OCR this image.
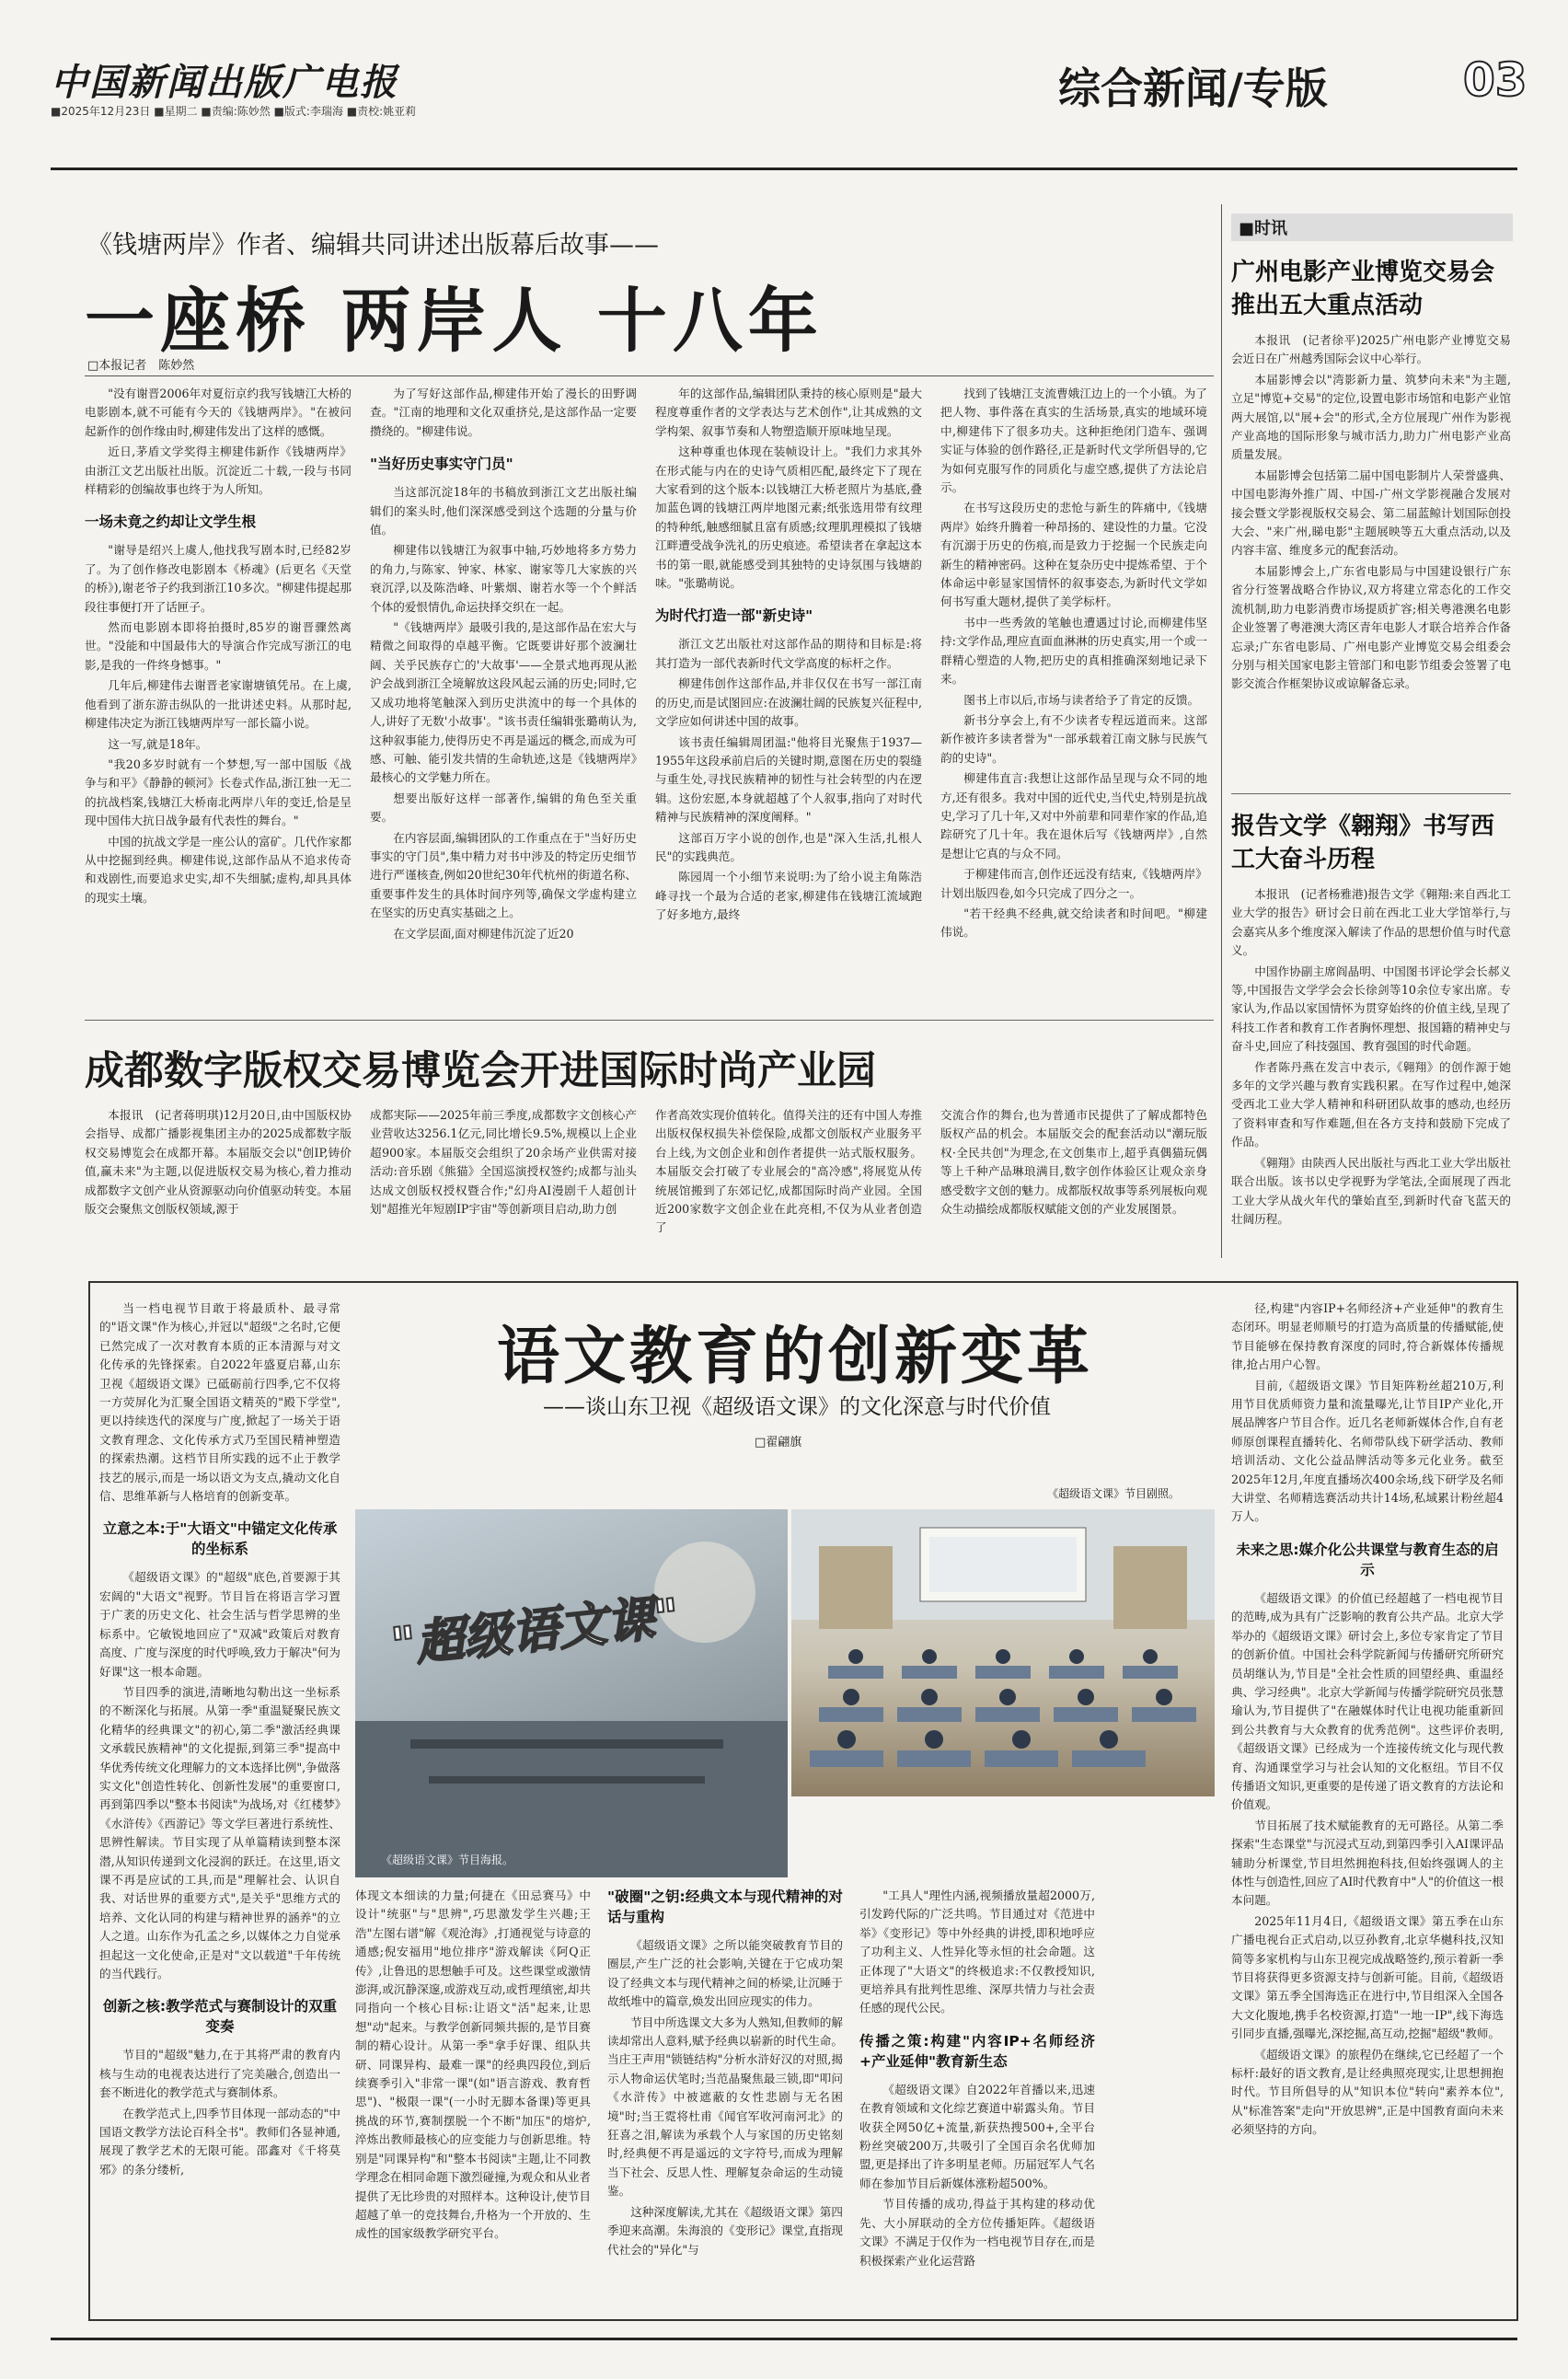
中国新闻出版广电报
■2025年12月23日 ■星期二 ■责编:陈妙然 ■版式:李瑞海 ■责校:姚亚莉	综合新闻/专版	03
《钱塘两岸》作者、编辑共同讲述出版幕后故事——
一座桥 两岸人 十八年
□本报记者　陈妙然

"没有谢晋2006年对夏衍京约我写钱塘江大桥的电影剧本,就不可能有今天的《钱塘两岸》。"在被问起新作的创作缘由时,柳建伟发出了这样的感慨。

近日,茅盾文学奖得主柳建伟新作《钱塘两岸》由浙江文艺出版社出版。沉淀近二十载,一段与书同样精彩的创编故事也终于为人所知。

一场未竟之约却让文学生根

"谢导是绍兴上虞人,他找我写剧本时,已经82岁了。为了创作修改电影剧本《桥魂》(后更名《天堂的桥》),谢老爷子约我到浙江10多次。"柳建伟提起那段往事便打开了话匣子。

然而电影剧本即将拍摄时,85岁的谢晋骤然离世。"没能和中国最伟大的导演合作完成写浙江的电影,是我的一件终身憾事。"

几年后,柳建伟去谢晋老家谢塘镇凭吊。在上虞,他看到了浙东游击纵队的一批讲述史料。从那时起,柳建伟决定为浙江钱塘两岸写一部长篇小说。

这一写,就是18年。

"我20多岁时就有一个梦想,写一部中国版《战争与和平》《静静的顿河》长卷式作品,浙江独一无二的抗战档案,钱塘江大桥南北两岸八年的变迁,恰是呈现中国伟大抗日战争最有代表性的舞台。"

中国的抗战文学是一座公认的富矿。几代作家都从中挖掘到经典。柳建伟说,这部作品从不追求传奇和戏剧性,而要追求史实,却不失细腻;虚构,却具具体的现实土壤。

为了写好这部作品,柳建伟开始了漫长的田野调查。"江南的地理和文化双重挤兑,是这部作品一定要攒绕的。"柳建伟说。

"当好历史事实守门员"

当这部沉淀18年的书稿放到浙江文艺出版社编辑们的案头时,他们深深感受到这个选题的分量与价值。

柳建伟以钱塘江为叙事中轴,巧妙地将多方势力的角力,与陈家、钟家、林家、谢家等几大家族的兴衰沉浮,以及陈浩峰、叶紫烟、谢若水等一个个鲜活个体的爱恨情仇,命运抉择交织在一起。

"《钱塘两岸》最吸引我的,是这部作品在宏大与精微之间取得的卓越平衡。它既要讲好那个波澜壮阔、关乎民族存亡的'大故事'——全景式地再现从淞沪会战到浙江全境解放这段风起云涌的历史;同时,它又成功地将笔触深入到历史洪流中的每一个具体的人,讲好了无数'小故事'。"该书责任编辑张璐萌认为,这种叙事能力,使得历史不再是遥远的概念,而成为可感、可触、能引发共情的生命轨迹,这是《钱塘两岸》最核心的文学魅力所在。

想要出版好这样一部著作,编辑的角色至关重要。

在内容层面,编辑团队的工作重点在于"当好历史事实的守门员",集中精力对书中涉及的特定历史细节进行严谨核查,例如20世纪30年代杭州的街道名称、重要事件发生的具体时间序列等,确保文学虚构建立在坚实的历史真实基础之上。

在文学层面,面对柳建伟沉淀了近20

年的这部作品,编辑团队秉持的核心原则是"最大程度尊重作者的文学表达与艺术创作",让其成熟的文学构架、叙事节奏和人物塑造顺开原味地呈现。

这种尊重也体现在装帧设计上。"我们力求其外在形式能与内在的史诗气质相匹配,最终定下了现在大家看到的这个版本:以钱塘江大桥老照片为基底,叠加蓝色调的钱塘江两岸地图元素;纸张选用带有纹理的特种纸,触感细腻且富有质感;纹理肌理模拟了钱塘江畔遭受战争洗礼的历史痕迹。希望读者在拿起这本书的第一眼,就能感受到其独特的史诗氛围与钱塘韵味。"张璐萌说。

为时代打造一部"新史诗"

浙江文艺出版社对这部作品的期待和目标是:将其打造为一部代表新时代文学高度的标杆之作。

柳建伟创作这部作品,并非仅仅在书写一部江南的历史,而是试图回应:在波澜壮阔的民族复兴征程中,文学应如何讲述中国的故事。

该书责任编辑周团温:"他将目光聚焦于1937—1955年这段承前启后的关键时期,意图在历史的裂缝与重生处,寻找民族精神的韧性与社会转型的内在逻辑。这份宏愿,本身就超越了个人叙事,指向了对时代精神与民族精神的深度阐释。"

这部百万字小说的创作,也是"深入生活,扎根人民"的实践典范。

陈园周一个小细节来说明:为了给小说主角陈浩峰寻找一个最为合适的老家,柳建伟在钱塘江流域跑了好多地方,最终

找到了钱塘江支流曹娥江边上的一个小镇。为了把人物、事件落在真实的生活场景,真实的地域环境中,柳建伟下了很多功夫。这种拒绝闭门造车、强调实证与体验的创作路径,正是新时代文学所倡导的,它为如何克服写作的同质化与虚空感,提供了方法论启示。

在书写这段历史的悲怆与新生的阵痛中,《钱塘两岸》始终升腾着一种昂扬的、建设性的力量。它没有沉溺于历史的伤痕,而是致力于挖掘一个民族走向新生的精神密码。这种在复杂历史中提炼希望、于个体命运中彰显家国情怀的叙事姿态,为新时代文学如何书写重大题材,提供了美学标杆。

书中一些秀敛的笔触也遭遇过讨论,而柳建伟坚持:文学作品,理应直面血淋淋的历史真实,用一个或一群精心塑造的人物,把历史的真相推确深刻地记录下来。

图书上市以后,市场与读者给予了肯定的反馈。

新书分享会上,有不少读者专程远道而来。这部新作被许多读者誉为"一部承载着江南文脉与民族气韵的史诗"。

柳建伟直言:我想让这部作品呈现与众不同的地方,还有很多。我对中国的近代史,当代史,特别是抗战史,学习了几十年,又对中外前辈和同辈作家的作品,追踪研究了几十年。我在退休后写《钱塘两岸》,自然是想让它真的与众不同。

于柳建伟而言,创作还远没有结束,《钱塘两岸》计划出版四卷,如今只完成了四分之一。

"若干经典不经典,就交给读者和时间吧。"柳建伟说。

■时讯
广州电影产业博览交易会推出五大重点活动

本报讯　(记者徐平)2025广州电影产业博览交易会近日在广州越秀国际会议中心举行。

本届影博会以"湾影新力量、筑梦向未来"为主题,立足"博览+交易"的定位,设置电影市场馆和电影产业馆两大展馆,以"展+会"的形式,全方位展现广州作为影视产业高地的国际形象与城市活力,助力广州电影产业高质量发展。

本届影博会包括第二届中国电影制片人荣誉盛典、中国电影海外推广周、中国-广州文学影视融合发展对接会暨文学影视版权交易会、第二届蓝鲸计划国际创投大会、"来广州,睇电影"主题展映等五大重点活动,以及内容丰富、维度多元的配套活动。

本届影博会上,广东省电影局与中国建设银行广东省分行签署战略合作协议,双方将建立常态化的工作交流机制,助力电影消费市场提质扩容;相关粤港澳名电影企业签署了粤港澳大湾区青年电影人才联合培养合作备忘录;广东省电影局、广州电影产业博览交易会组委会分别与相关国家电影主管部门和电影节组委会签署了电影交流合作框架协议或谅解备忘录。

报告文学《翱翔》书写西工大奋斗历程

本报讯　(记者杨雅港)报告文学《翱翔:来自西北工业大学的报告》研讨会日前在西北工业大学馆举行,与会嘉宾从多个维度深入解读了作品的思想价值与时代意义。

中国作协副主席阎晶明、中国图书评论学会长郝义等,中国报告文学学会会长徐剑等10余位专家出席。专家认为,作品以家国情怀为贯穿始终的价值主线,呈现了科技工作者和教育工作者胸怀理想、报国籍的精神史与奋斗史,回应了科技强国、教育强国的时代命题。

作者陈丹燕在发言中表示,《翱翔》的创作源于她多年的文学兴趣与教育实践积累。在写作过程中,她深受西北工业大学人精神和科研团队故事的感动,也经历了资料审查和写作难题,但在各方支持和鼓励下完成了作品。

《翱翔》由陕西人民出版社与西北工业大学出版社联合出版。该书以史学视野为学笔法,全面展现了西北工业大学从战火年代的肇始直至,到新时代奋飞蓝天的壮阔历程。

成都数字版权交易博览会开进国际时尚产业园
本报讯　(记者蒋明琪)12月20日,由中国版权协会指导、成都广播影视集团主办的2025成都数字版权交易博览会在成都开幕。本届版交会以"创IP,铸价值,赢未来"为主题,以促进版权交易为核心,着力推动成都数字文创产业从资源驱动向价值驱动转变。本届版交会聚焦文创版权领域,源于
成都実际——2025年前三季度,成都数字文创核心产业营收达3256.1亿元,同比增长9.5%,规模以上企业超900家。本届版交会组织了20余场产业供需对接活动:音乐剧《熊猫》全国巡演授权签约;成都与汕头达成文创版权授权暨合作;"幻舟AI漫剧千人超创计划"超推光年短剧IP宇宙"等创新项目启动,助力创
作者高效实现价值转化。值得关注的还有中国人寿推出版权保权损失补偿保险,成都文创版权产业服务平台上线,为文创企业和创作者提供一站式版权服务。本届版交会打破了专业展会的"高冷感",将展览从传统展馆搬到了东郊记忆,成都国际时尚产业园。全国近200家数字文创企业在此亮相,不仅为从业者创造了
交流合作的舞台,也为普通市民提供了了解成都特色版权产品的机会。本届版交会的配套活动以"潮玩版权·全民共创"为理念,在文创集市上,超乎真偶猫玩偶等上千种产品琳琅满目,数字创作体验区让观众亲身感受数字文创的魅力。成都版权故事等系列展板向观众生动描绘成都版权赋能文创的产业发展图景。
语文教育的创新变革
——谈山东卫视《超级语文课》的文化深意与时代价值
□翟翩旗
《超级语文课》节目剧照。
"超级语文课"
《超级语文课》节目海报。

当一档电视节目敢于将最质朴、最寻常的"语文课"作为核心,并冠以"超级"之名时,它便已然完成了一次对教育本质的正本清源与对文化传承的先锋探索。自2022年盛夏启幕,山东卫视《超级语文课》已砥砺前行四季,它不仅将一方荧屏化为汇聚全国语文精英的"殿下学堂",更以持续迭代的深度与广度,掀起了一场关于语文教育理念、文化传承方式乃至国民精神塑造的探索热潮。这档节目所实践的远不止于教学技艺的展示,而是一场以语文为支点,撬动文化自信、思维革新与人格培育的创新变革。

立意之本:于"大语文"中锚定文化传承的坐标系

《超级语文课》的"超级"底色,首要源于其宏阔的"大语文"视野。节目旨在将语言学习置于广袤的历史文化、社会生活与哲学思辨的坐标系中。它敏锐地回应了"双减"政策后对教育高度、广度与深度的时代呼唤,致力于解决"何为好课"这一根本命题。

节目四季的演进,清晰地勾勒出这一坐标系的不断深化与拓展。从第一季"重温疑聚民族文化精华的经典课文"的初心,第二季"激活经典课文承载民族精神"的文化提振,到第三季"提高中华优秀传统文化理解力的文本选择比例",争做落实文化"创造性转化、创新性发展"的重要窗口,再到第四季以"整本书阅读"为战场,对《红楼梦》《水浒传》《西游记》等文学巨著进行系统性、思辨性解读。节目实现了从单篇精读到整本深潜,从知识传递到文化浸润的跃迁。在这里,语文课不再是应试的工具,而是"理解社会、认识自我、对话世界的重要方式",是关乎"思维方式的培养、文化认同的构建与精神世界的涵养"的立人之道。山东作为孔孟之乡,以媒体之力自觉承担起这一文化使命,正是对"文以载道"千年传统的当代践行。

创新之核:教学范式与赛制设计的双重变奏

节目的"超级"魅力,在于其将严肃的教育内核与生动的电视表达进行了完美融合,创造出一套不断进化的教学范式与赛制体系。

在教学范式上,四季节目体现一部动态的"中国语文教学方法论百科全书"。教师们各显神通,展现了教学艺术的无限可能。邵鑫对《千将莫邪》的条分缕析,

体现文本细读的力量;何捷在《田忌赛马》中设计"统驱"与"思辨",巧思激发学生兴趣;王浩"左图右谱"解《观沧海》,打通视觉与诗意的通感;倪安福用"地位排序"游戏解读《阿Q正传》,让鲁迅的思想触手可及。这些课堂或激情澎湃,或沉静深邃,或游戏互动,或哲理缜密,却共同指向一个核心目标:让语文"活"起来,让思想"动"起来。与教学创新同频共振的,是节目赛制的精心设计。从第一季"拿手好课、组队共研、同课异构、最难一课"的经典四段位,到后续赛季引入"非常一课"(如"语言游戏、教育哲思")、"极限一课"(一小时无脚本备课)等更具挑战的环节,赛制摆脱一个不断"加压"的熔炉,淬炼出教师最核心的应变能力与创新思维。特别是"同课异构"和"整本书阅读"主题,让不同教学理念在相同命题下激烈碰撞,为观众和从业者提供了无比珍贵的对照样本。这种设计,使节目超越了单一的竞技舞台,升格为一个开放的、生成性的国家级教学研究平台。
"破圈"之钥:经典文本与现代精神的对话与重构

《超级语文课》之所以能突破教育节目的圈层,产生广泛的社会影响,关键在于它成功架设了经典文本与现代精神之间的桥梁,让沉睡于故纸堆中的篇章,焕发出回应现实的伟力。

节目中所选课文大多为人熟知,但教师的解读却常出人意料,赋予经典以崭新的时代生命。当庄王声用"锁链结构"分析水浒好汉的对照,揭示人物命运伏笔时;当范晶聚焦最三锁,即"叩问《水浒传》中被遮蔽的女性悲剧与无名困境"时;当王霓将杜甫《闻官军收河南河北》的狂喜之泪,解读为承载个人与家国的历史铭刻时,经典便不再是遥远的文字符号,而成为理解当下社会、反思人性、理解复杂命运的生动镜鉴。

这种深度解读,尤其在《超级语文课》第四季迎来高潮。朱海浪的《变形记》课堂,直指现代社会的"异化"与

"工具人"理性内涵,视频播放量超2000万,引发跨代际的广泛共鸣。节目通过对《范进中举》《变形记》等中外经典的讲授,即积地呼应了功利主义、人性异化等永恒的社会命题。这正体现了"大语文"的终极追求:不仅教授知识,更培养具有批判性思维、深厚共情力与社会责任感的现代公民。

传播之策:构建"内容IP+名师经济+产业延伸"教育新生态

《超级语文课》自2022年首播以来,迅速在教育领域和文化综艺赛道中崭露头角。节目收获全网50亿+流量,新获热搜500+,全平台粉丝突破200万,共吸引了全国百余名优师加盟,更是择出了许多明星老师。历届冠军人气名师在参加节目后新媒体涨粉超500%。

节目传播的成功,得益于其构建的移动优先、大小屏联动的全方位传播矩阵。《超级语文课》不满足于仅作为一档电视节目存在,而是积极探索产业化运营路

径,构建"内容IP+名师经济+产业延伸"的教育生态闭环。明显老师顺号的打造为高质量的传播赋能,使节目能够在保持教育深度的同时,符合新媒体传播规律,抢占用户心智。

目前,《超级语文课》节目矩阵粉丝超210万,利用节目优质师资力量和流量曝光,让节目IP产业化,开展品牌客户节目合作。近几名老师新媒体合作,自有老师原创课程直播转化、名师带队线下研学活动、教师培训活动、文化公益品牌活动等多元化业务。截至2025年12月,年度直播场次400余场,线下研学及名师大讲堂、名师精选赛活动共计14场,私域累计粉丝超4万人。

未来之思:媒介化公共课堂与教育生态的启示

《超级语文课》的价值已经超越了一档电视节目的范畴,成为具有广泛影响的教育公共产品。北京大学举办的《超级语文课》研讨会上,多位专家肯定了节目的创新价值。中国社会科学院新闻与传播研究所研究员胡继认为,节目是"全社会性质的回望经典、重温经典、学习经典"。北京大学新闻与传播学院研究员张慧瑜认为,节目提供了"在融媒体时代让电视功能重新回到公共教育与大众教育的优秀范例"。这些评价表明,《超级语文课》已经成为一个连接传统文化与现代教育、沟通课堂学习与社会认知的文化枢纽。节目不仅传播语文知识,更重要的是传递了语文教育的方法论和价值观。

节目拓展了技术赋能教育的无可路径。从第二季探索"生态课堂"与沉浸式互动,到第四季引入AI课评品辅助分析课堂,节目坦然拥抱科技,但始终强调人的主体性与创造性,回应了AI时代教育中"人"的价值这一根本问题。

2025年11月4日,《超级语文课》第五季在山东广播电视台正式启动,以豆孙教育,北京华樾科技,汉知简等多家机构与山东卫视完成战略签约,预示着新一季节目将获得更多资源支持与创新可能。目前,《超级语文课》第五季全国海选正在进行中,节目组深入全国各大文化腹地,携手名校资源,打造"一地一IP",线下海选引同步直播,强曝光,深挖掘,高互动,挖掘"超级"教师。

《超级语文课》的旅程仍在继续,它已经超了一个标杆:最好的语文教育,是让经典照亮现实,让思想拥抱时代。节目所倡导的从"知识本位"转向"素养本位",从"标准答案"走向"开放思辨",正是中国教育面向未来必须坚持的方向。
